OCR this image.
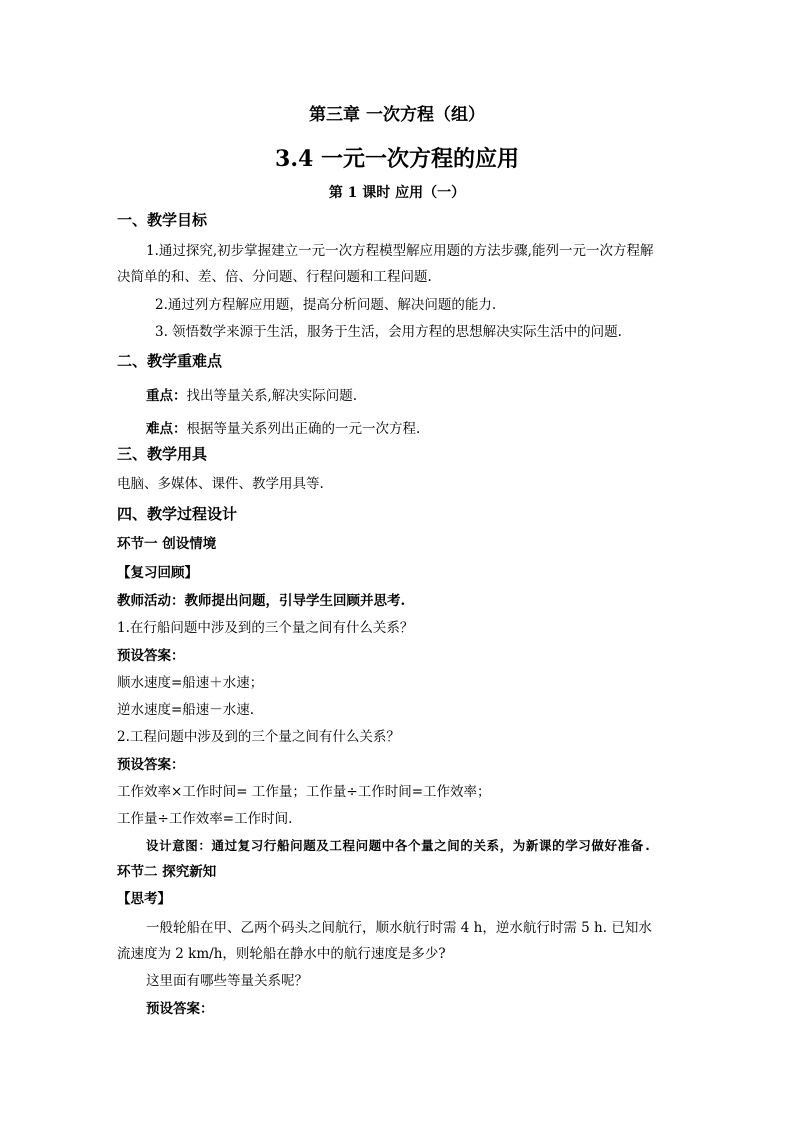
第三章 一次方程（组）
3.4 一元一次方程的应用
第 1 课时 应用（一）
一、教学目标
1.通过探究,初步掌握建立一元一次方程模型解应用题的方法步骤,能列一元一次方程解
决简单的和、差、倍、分问题、行程问题和工程问题.
2.通过列方程解应用题，提高分析问题、解决问题的能力.
3. 领悟数学来源于生活，服务于生活，会用方程的思想解决实际生活中的问题.
二、教学重难点
重点：找出等量关系,解决实际问题.
难点：根据等量关系列出正确的一元一次方程.
三、教学用具
电脑、多媒体、课件、教学用具等.
四、教学过程设计
环节一 创设情境
【复习回顾】
教师活动：教师提出问题，引导学生回顾并思考.
1.在行船问题中涉及到的三个量之间有什么关系？
预设答案：
顺水速度=船速＋水速；
逆水速度=船速－水速.
2.工程问题中涉及到的三个量之间有什么关系？
预设答案：
工作效率×工作时间= 工作量；工作量÷工作时间=工作效率；
工作量÷工作效率=工作时间.
设计意图：通过复习行船问题及工程问题中各个量之间的关系，为新课的学习做好准备.
环节二 探究新知
【思考】
一般轮船在甲、乙两个码头之间航行，顺水航行时需 4 h，逆水航行时需 5 h. 已知水
流速度为 2 km/h，则轮船在静水中的航行速度是多少?
这里面有哪些等量关系呢？
预设答案：
